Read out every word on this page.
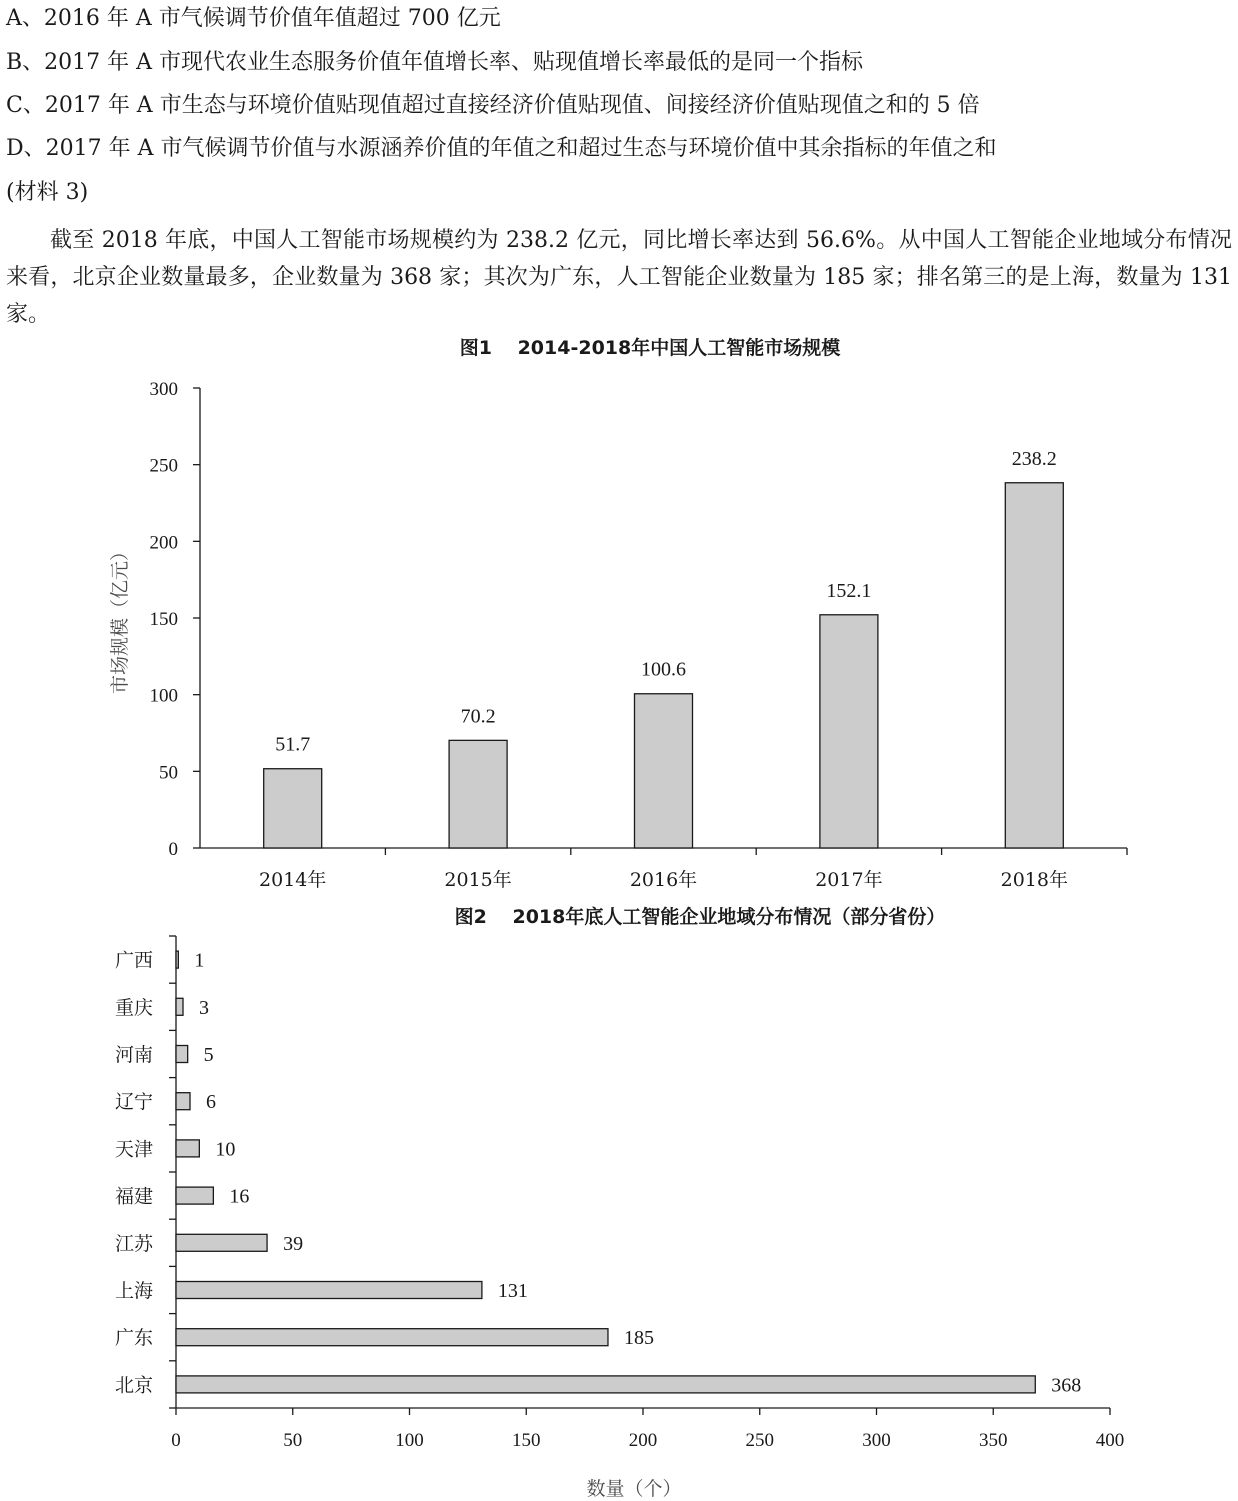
A、2016 年 A 市气候调节价值年值超过 700 亿元
B、2017 年 A 市现代农业生态服务价值年值增长率、贴现值增长率最低的是同一个指标
C、2017 年 A 市生态与环境价值贴现值超过直接经济价值贴现值、间接经济价值贴现值之和的 5 倍
D、2017 年 A 市气候调节价值与水源涵养价值的年值之和超过生态与环境价值中其余指标的年值之和
(材料 3)
截至 2018 年底，中国人工智能市场规模约为 238.2 亿元，同比增长率达到 56.6%。从中国人工智能企业地域分布情况来看，北京企业数量最多，企业数量为 368 家；其次为广东，人工智能企业数量为 185 家；排名第三的是上海，数量为 131 家。
图1　 2014-2018年中国人工智能市场规模
0
50
100
150
200
250
300
51.7
2014年
70.2
2015年
100.6
2016年
152.1
2017年
238.2
2018年
市场规模（亿元）
图2　 2018年底人工智能企业地域分布情况（部分省份）
0	50	100	150	200	250	300	350	400
1
广西
3
重庆
5
河南
6
辽宁
10
天津
16
福建
39
江苏
131
上海
185
广东
368
北京
数量（个）
